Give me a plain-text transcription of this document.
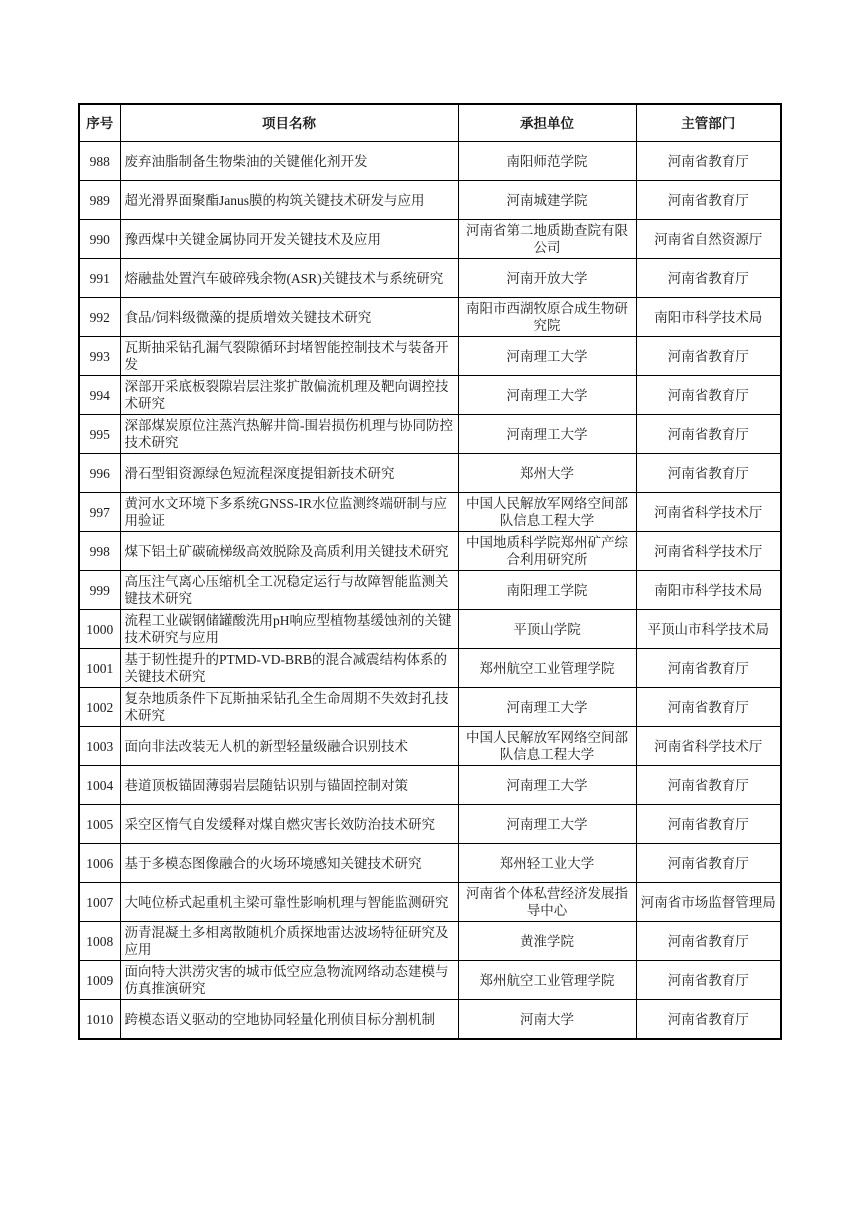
序号	项目名称	承担单位	主管部门
988	废弃油脂制备生物柴油的关键催化剂开发	南阳师范学院	河南省教育厅
989	超光滑界面聚酯Janus膜的构筑关键技术研发与应用	河南城建学院	河南省教育厅
990	豫西煤中关键金属协同开发关键技术及应用	河南省第二地质勘查院有限公司	河南省自然资源厅
991	熔融盐处置汽车破碎残余物(ASR)关键技术与系统研究	河南开放大学	河南省教育厅
992	食品/饲料级微藻的提质增效关键技术研究	南阳市西湖牧原合成生物研究院	南阳市科学技术局
993	瓦斯抽采钻孔漏气裂隙循环封堵智能控制技术与装备开发	河南理工大学	河南省教育厅
994	深部开采底板裂隙岩层注浆扩散偏流机理及靶向调控技术研究	河南理工大学	河南省教育厅
995	深部煤炭原位注蒸汽热解井筒-围岩损伤机理与协同防控技术研究	河南理工大学	河南省教育厅
996	滑石型钼资源绿色短流程深度提钼新技术研究	郑州大学	河南省教育厅
997	黄河水文环境下多系统GNSS-IR水位监测终端研制与应用验证	中国人民解放军网络空间部队信息工程大学	河南省科学技术厅
998	煤下铝土矿碳硫梯级高效脱除及高质利用关键技术研究	中国地质科学院郑州矿产综合利用研究所	河南省科学技术厅
999	高压注气离心压缩机全工况稳定运行与故障智能监测关键技术研究	南阳理工学院	南阳市科学技术局
1000	流程工业碳钢储罐酸洗用pH响应型植物基缓蚀剂的关键技术研究与应用	平顶山学院	平顶山市科学技术局
1001	基于韧性提升的PTMD-VD-BRB的混合减震结构体系的关键技术研究	郑州航空工业管理学院	河南省教育厅
1002	复杂地质条件下瓦斯抽采钻孔全生命周期不失效封孔技术研究	河南理工大学	河南省教育厅
1003	面向非法改装无人机的新型轻量级融合识别技术	中国人民解放军网络空间部队信息工程大学	河南省科学技术厅
1004	巷道顶板锚固薄弱岩层随钻识别与锚固控制对策	河南理工大学	河南省教育厅
1005	采空区惰气自发缓释对煤自燃灾害长效防治技术研究	河南理工大学	河南省教育厅
1006	基于多模态图像融合的火场环境感知关键技术研究	郑州轻工业大学	河南省教育厅
1007	大吨位桥式起重机主梁可靠性影响机理与智能监测研究	河南省个体私营经济发展指导中心	河南省市场监督管理局
1008	沥青混凝土多相离散随机介质探地雷达波场特征研究及应用	黄淮学院	河南省教育厅
1009	面向特大洪涝灾害的城市低空应急物流网络动态建模与仿真推演研究	郑州航空工业管理学院	河南省教育厅
1010	跨模态语义驱动的空地协同轻量化刑侦目标分割机制	河南大学	河南省教育厅
